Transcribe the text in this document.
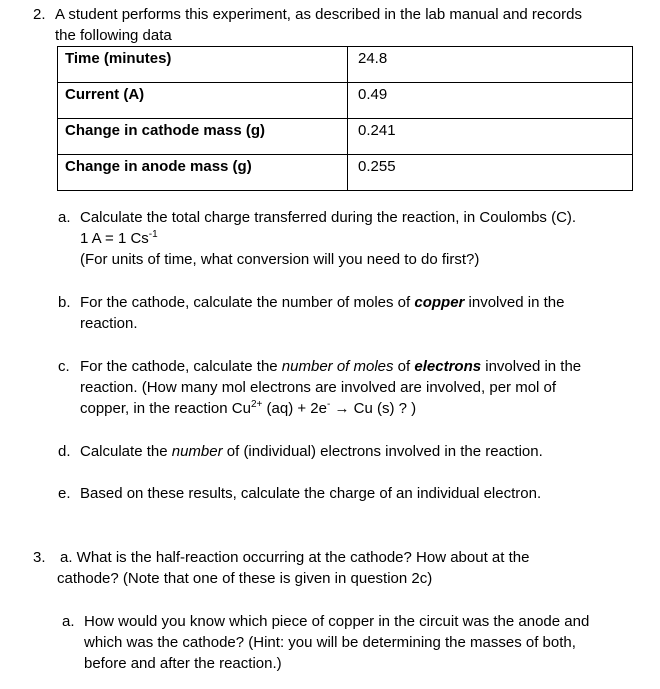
2. A student performs this experiment, as described in the lab manual and records
the following data
Time (minutes)	24.8
Current (A)	0.49
Change in cathode mass (g)	0.241
Change in anode mass (g)	0.255
a. Calculate the total charge transferred during the reaction, in Coulombs (C).
1 A = 1 $Cs^{-1}$
(For units of time, what conversion will you need to do first?)
b. For the cathode, calculate the number of moles of copper involved in the
reaction.
c. For the cathode, calculate the number of moles of electrons involved in the
reaction. (How many mol electrons are involved are involved, per mol of
copper, in the reaction $Cu^{2+}$ (aq) + 2e- → Cu (s) ? )
d. Calculate the number of (individual) electrons involved in the reaction.
e. Based on these results, calculate the charge of an individual electron.
3. a. What is the half-reaction occurring at the cathode? How about at the
cathode? (Note that one of these is given in question 2c)
a. How would you know which piece of copper in the circuit was the anode and
which was the cathode? (Hint: you will be determining the masses of both,
before and after the reaction.)
